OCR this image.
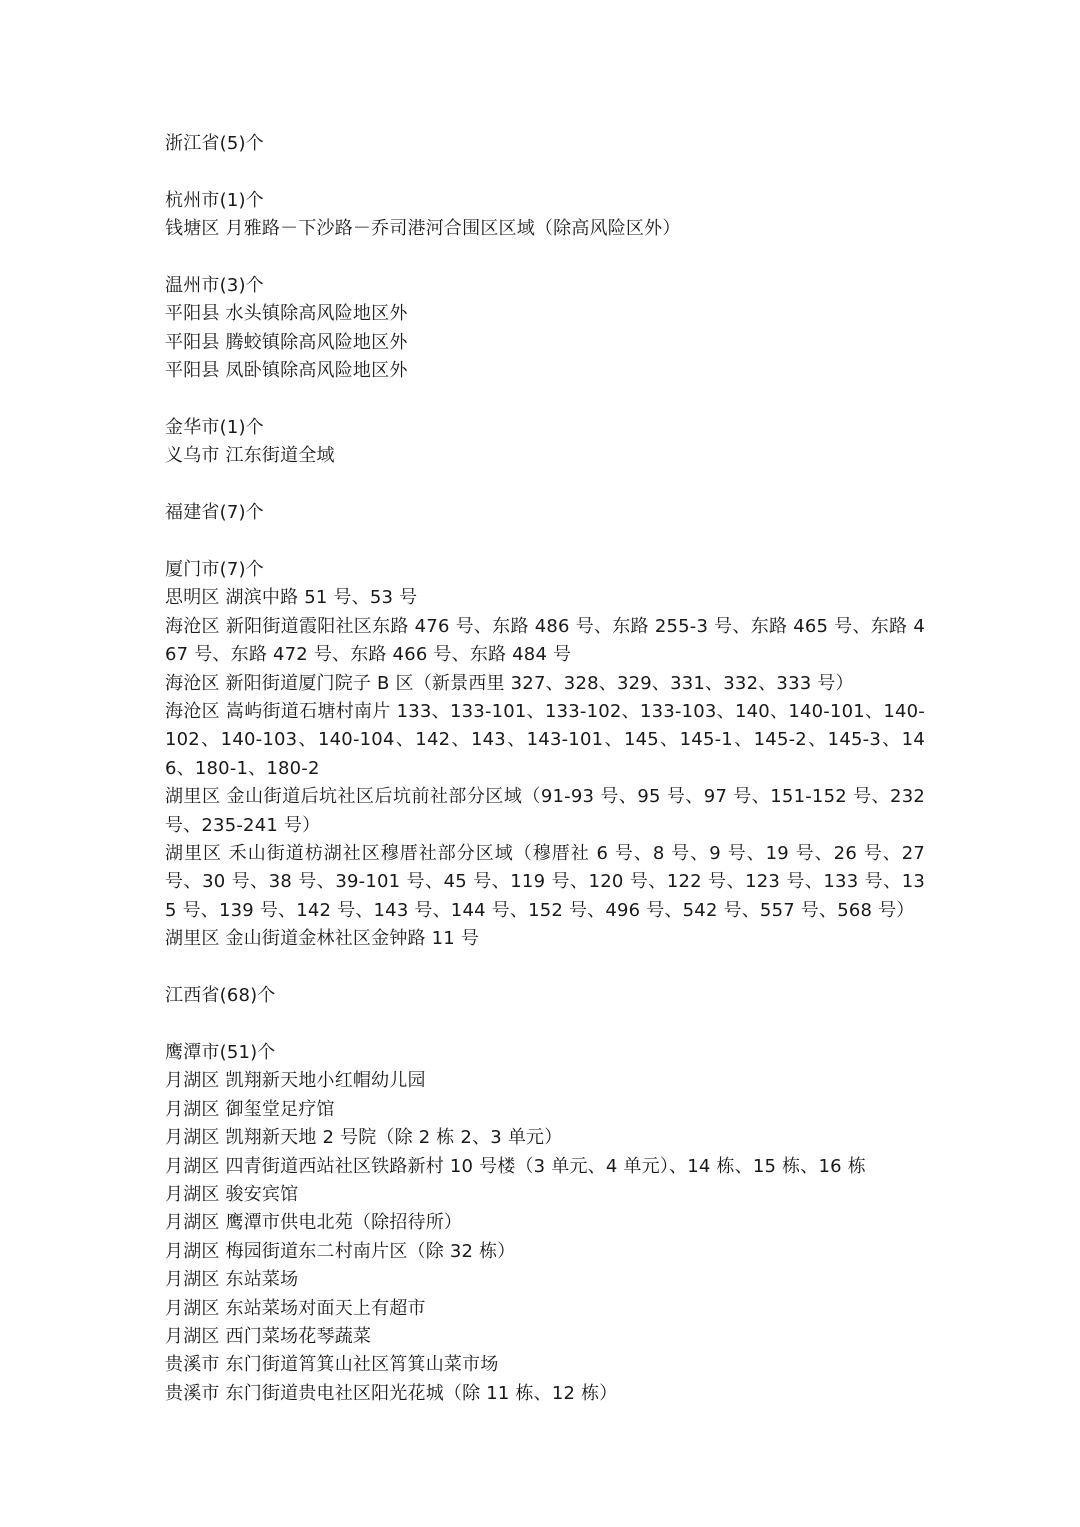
浙江省(5)个

杭州市(1)个

钱塘区 月雅路－下沙路－乔司港河合围区区域（除高风险区外）

温州市(3)个

平阳县 水头镇除高风险地区外

平阳县 腾蛟镇除高风险地区外

平阳县 凤卧镇除高风险地区外

金华市(1)个

义乌市 江东街道全域

福建省(7)个

厦门市(7)个

思明区 湖滨中路 51 号、53 号

海沧区 新阳街道霞阳社区东路 476 号、东路 486 号、东路 255-3 号、东路 465 号、东路 467 号、东路 472 号、东路 466 号、东路 484 号

海沧区 新阳街道厦门院子 B 区（新景西里 327、328、329、331、332、333 号）

海沧区 嵩屿街道石塘村南片 133、133-101、133-102、133-103、140、140-101、140-102、140-103、140-104、142、143、143-101、145、145-1、145-2、145-3、146、180-1、180-2

湖里区 金山街道后坑社区后坑前社部分区域（91-93 号、95 号、97 号、151-152 号、232 号、235-241 号）

湖里区 禾山街道枋湖社区穆厝社部分区域（穆厝社 6 号、8 号、9 号、19 号、26 号、27 号、30 号、38 号、39-101 号、45 号、119 号、120 号、122 号、123 号、133 号、135 号、139 号、142 号、143 号、144 号、152 号、496 号、542 号、557 号、568 号）

湖里区 金山街道金林社区金钟路 11 号

江西省(68)个

鹰潭市(51)个

月湖区 凯翔新天地小红帽幼儿园

月湖区 御玺堂足疗馆

月湖区 凯翔新天地 2 号院（除 2 栋 2、3 单元）

月湖区 四青街道西站社区铁路新村 10 号楼（3 单元、4 单元）、14 栋、15 栋、16 栋

月湖区 骏安宾馆

月湖区 鹰潭市供电北苑（除招待所）

月湖区 梅园街道东二村南片区（除 32 栋）

月湖区 东站菜场

月湖区 东站菜场对面天上有超市

月湖区 西门菜场花琴蔬菜

贵溪市 东门街道筲箕山社区筲箕山菜市场

贵溪市 东门街道贵电社区阳光花城（除 11 栋、12 栋）
